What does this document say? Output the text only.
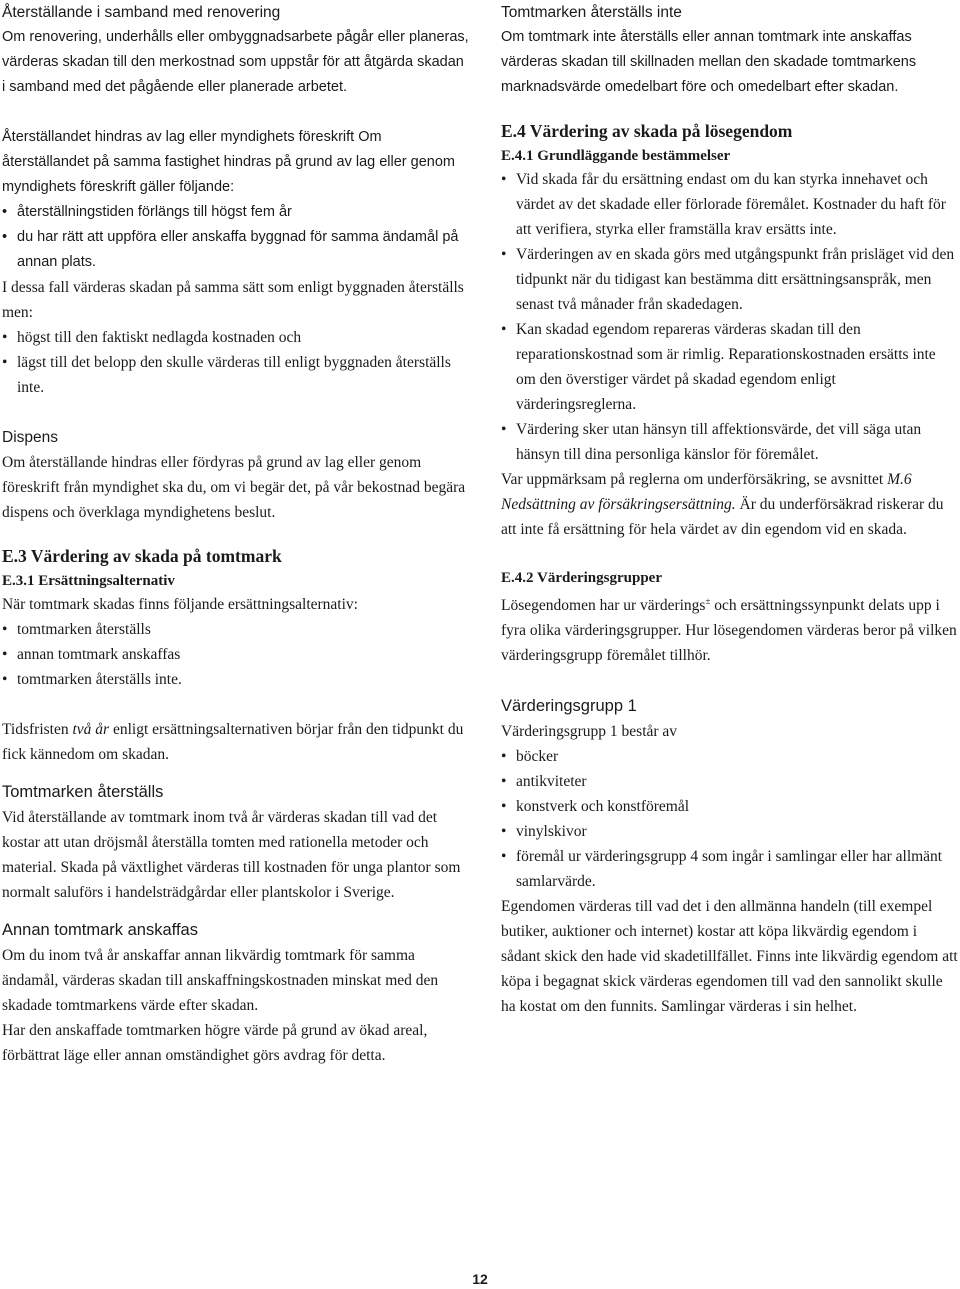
Återställande i samband med renovering

Om renovering, underhålls eller ombyggnadsarbete pågår eller planeras, värderas skadan till den merkostnad som uppstår för att åtgärda skadan i samband med det pågående eller planerade arbetet.

Återställandet hindras av lag eller myndighets föreskrift Om återställandet på samma fastighet hindras på grund av lag eller genom myndighets föreskrift gäller följande:

• återställningstiden förlängs till högst fem år
• du har rätt att uppföra eller anskaffa byggnad för samma ändamål på annan plats.

I dessa fall värderas skadan på samma sätt som enligt byggnaden återställs men:

• högst till den faktiskt nedlagda kostnaden och
• lägst till det belopp den skulle värderas till enligt byggnaden återställs inte.
Dispens

Om återställande hindras eller fördyras på grund av lag eller genom föreskrift från myndighet ska du, om vi begär det, på vår bekostnad begära dispens och överklaga myndighetens beslut.

E.3 Värdering av skada på tomtmark
E.3.1 Ersättningsalternativ

När tomtmark skadas finns följande ersättningsalternativ:

• tomtmarken återställs
• annan tomtmark anskaffas
• tomtmarken återställs inte.

Tidsfristen två år enligt ersättningsalternativen börjar från den tidpunkt du fick kännedom om skadan.

Tomtmarken återställs

Vid återställande av tomtmark inom två år värderas skadan till vad det kostar att utan dröjsmål återställa tomten med rationella metoder och material. Skada på växtlighet värderas till kostnaden för unga plantor som normalt saluförs i handelsträdgårdar eller plantskolor i Sverige.

Annan tomtmark anskaffas

Om du inom två år anskaffar annan likvärdig tomtmark för samma ändamål, värderas skadan till anskaffningskostnaden minskat med den skadade tomtmarkens värde efter skadan.

Har den anskaffade tomtmarken högre värde på grund av ökad areal, förbättrat läge eller annan omständighet görs avdrag för detta.

Tomtmarken återställs inte

Om tomtmark inte återställs eller annan tomtmark inte anskaffas värderas skadan till skillnaden mellan den skadade tomtmarkens marknadsvärde omedelbart före och omedelbart efter skadan.

E.4 Värdering av skada på lösegendom
E.4.1 Grundläggande bestämmelser
• Vid skada får du ersättning endast om du kan styrka innehavet och värdet av det skadade eller förlorade föremålet. Kostnader du haft för att verifiera, styrka eller framställa krav ersätts inte.
• Värderingen av en skada görs med utgångspunkt från prisläget vid den tidpunkt när du tidigast kan bestämma ditt ersättningsanspråk, men senast två månader från skadedagen.
• Kan skadad egendom repareras värderas skadan till den reparationskostnad som är rimlig. Reparationskostnaden ersätts inte om den överstiger värdet på skadad egendom enligt värderingsreglerna.
• Värdering sker utan hänsyn till affektionsvärde, det vill säga utan hänsyn till dina personliga känslor för föremålet.

Var uppmärksam på reglerna om underförsäkring, se avsnittet M.6 Nedsättning av försäkringsersättning. Är du underförsäkrad riskerar du att inte få ersättning för hela värdet av din egendom vid en skada.

E.4.2 Värderingsgrupper

Lösegendomen har ur värderings± och ersättningssynpunkt delats upp i fyra olika värderingsgrupper. Hur lösegendomen värderas beror på vilken värderingsgrupp föremålet tillhör.

Värderingsgrupp 1

Värderingsgrupp 1 består av

• böcker
• antikviteter
• konstverk och konstföremål
• vinylskivor
• föremål ur värderingsgrupp 4 som ingår i samlingar eller har allmänt samlarvärde.

Egendomen värderas till vad det i den allmänna handeln (till exempel butiker, auktioner och internet) kostar att köpa likvärdig egendom i sådant skick den hade vid skadetillfället. Finns inte likvärdig egendom att köpa i begagnat skick värderas egendomen till vad den sannolikt skulle ha kostat om den funnits. Samlingar värderas i sin helhet.

12
